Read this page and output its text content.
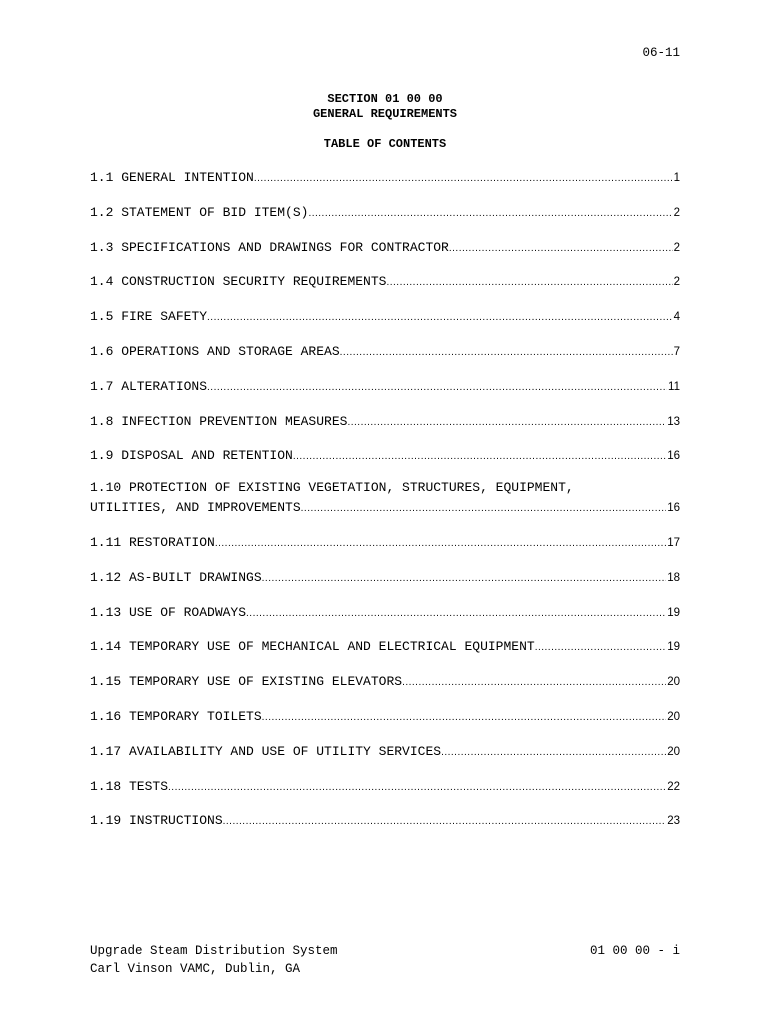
06-11
SECTION 01 00 00
GENERAL REQUIREMENTS
TABLE OF CONTENTS
1.1 GENERAL INTENTION .....	1
1.2 STATEMENT OF BID ITEM(S) .....	2
1.3 SPECIFICATIONS AND DRAWINGS FOR CONTRACTOR .....	2
1.4 CONSTRUCTION SECURITY REQUIREMENTS .....	2
1.5 FIRE SAFETY .....	4
1.6 OPERATIONS AND STORAGE AREAS .....	7
1.7 ALTERATIONS .....	11
1.8 INFECTION PREVENTION MEASURES .....	13
1.9 DISPOSAL AND RETENTION .....	16
1.10 PROTECTION OF EXISTING VEGETATION, STRUCTURES, EQUIPMENT,
UTILITIES, AND IMPROVEMENTS .....	16
1.11 RESTORATION .....	17
1.12 AS-BUILT DRAWINGS .....	18
1.13 USE OF ROADWAYS .....	19
1.14 TEMPORARY USE OF MECHANICAL AND ELECTRICAL EQUIPMENT .....	19
1.15 TEMPORARY USE OF EXISTING ELEVATORS .....	20
1.16 TEMPORARY TOILETS .....	20
1.17 AVAILABILITY AND USE OF UTILITY SERVICES .....	20
1.18 TESTS .....	22
1.19 INSTRUCTIONS .....	23
Upgrade Steam Distribution System
Carl Vinson VAMC, Dublin, GA
01 00 00 - i
